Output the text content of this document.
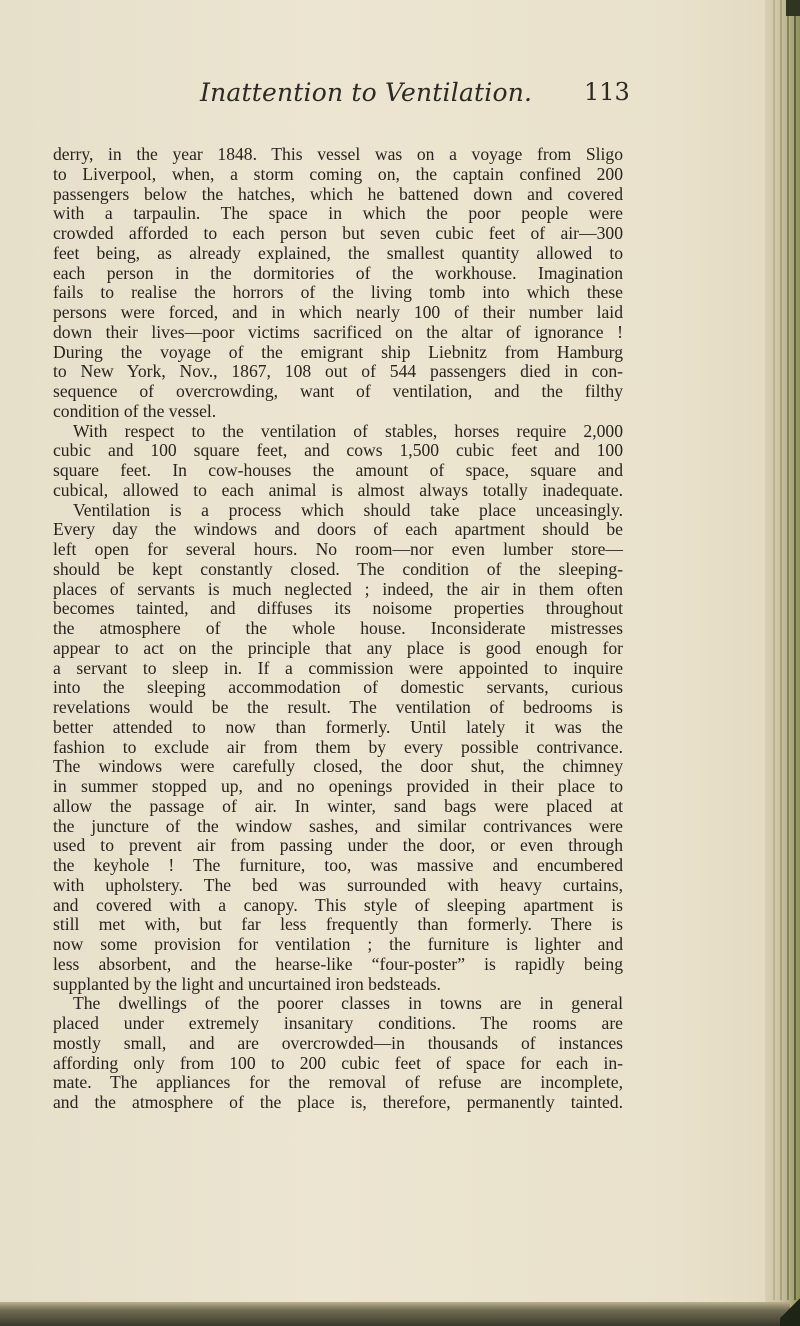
Inattention to Ventilation. 113

derry, in the year 1848. This vessel was on a voyage from Sligo

to Liverpool, when, a storm coming on, the captain confined 200

passengers below the hatches, which he battened down and covered

with a tarpaulin. The space in which the poor people were

crowded afforded to each person but seven cubic feet of air—300

feet being, as already explained, the smallest quantity allowed to

each person in the dormitories of the workhouse. Imagination

fails to realise the horrors of the living tomb into which these

persons were forced, and in which nearly 100 of their number laid

down their lives—poor victims sacrificed on the altar of ignorance !

During the voyage of the emigrant ship Liebnitz from Hamburg

to New York, Nov., 1867, 108 out of 544 passengers died in con-

sequence of overcrowding, want of ventilation, and the filthy

condition of the vessel.

With respect to the ventilation of stables, horses require 2,000

cubic and 100 square feet, and cows 1,500 cubic feet and 100

square feet. In cow-houses the amount of space, square and

cubical, allowed to each animal is almost always totally inadequate.

Ventilation is a process which should take place unceasingly.

Every day the windows and doors of each apartment should be

left open for several hours. No room—nor even lumber store—

should be kept constantly closed. The condition of the sleeping-

places of servants is much neglected ; indeed, the air in them often

becomes tainted, and diffuses its noisome properties throughout

the atmosphere of the whole house. Inconsiderate mistresses

appear to act on the principle that any place is good enough for

a servant to sleep in. If a commission were appointed to inquire

into the sleeping accommodation of domestic servants, curious

revelations would be the result. The ventilation of bedrooms is

better attended to now than formerly. Until lately it was the

fashion to exclude air from them by every possible contrivance.

The windows were carefully closed, the door shut, the chimney

in summer stopped up, and no openings provided in their place to

allow the passage of air. In winter, sand bags were placed at

the juncture of the window sashes, and similar contrivances were

used to prevent air from passing under the door, or even through

the keyhole ! The furniture, too, was massive and encumbered

with upholstery. The bed was surrounded with heavy curtains,

and covered with a canopy. This style of sleeping apartment is

still met with, but far less frequently than formerly. There is

now some provision for ventilation ; the furniture is lighter and

less absorbent, and the hearse-like “four-poster” is rapidly being

supplanted by the light and uncurtained iron bedsteads.

The dwellings of the poorer classes in towns are in general

placed under extremely insanitary conditions. The rooms are

mostly small, and are overcrowded—in thousands of instances

affording only from 100 to 200 cubic feet of space for each in-

mate. The appliances for the removal of refuse are incomplete,

and the atmosphere of the place is, therefore, permanently tainted.
